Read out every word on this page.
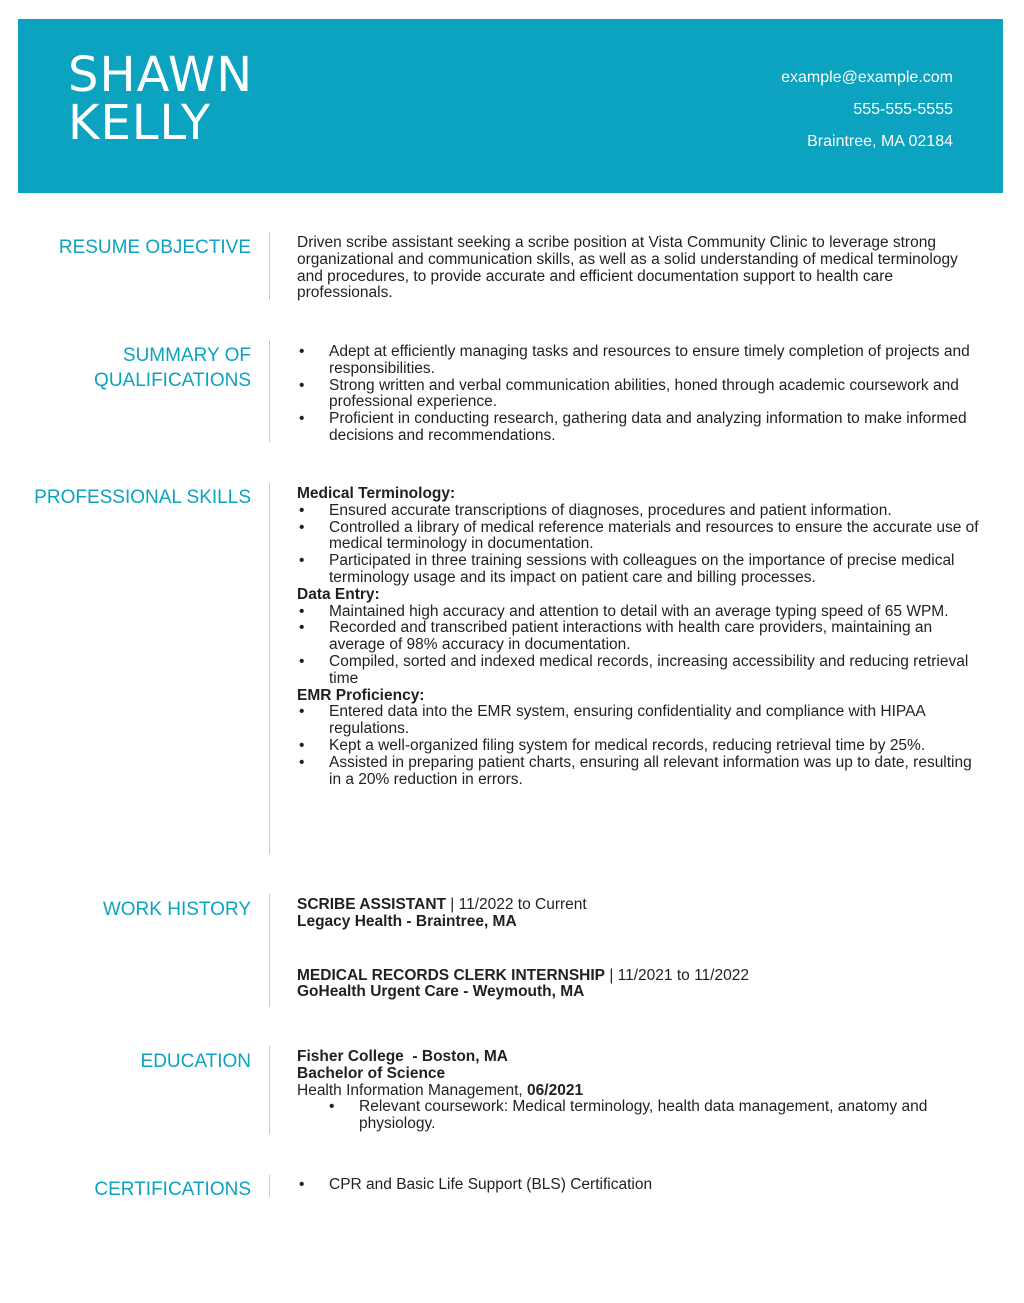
SHAWN
KELLY
example@example.com
555-555-5555
Braintree, MA 02184
RESUME OBJECTIVE	Driven scribe assistant seeking a scribe position at Vista Community Clinic to leverage strong organizational and communication skills, as well as a solid understanding of medical terminology and procedures, to provide accurate and efficient documentation support to health care professionals.

SUMMARY OF
QUALIFICATIONS
• Adept at efficiently managing tasks and resources to ensure timely completion of projects and responsibilities.
• Strong written and verbal communication abilities, honed through academic coursework and professional experience.
• Proficient in conducting research, gathering data and analyzing information to make informed decisions and recommendations.
PROFESSIONAL SKILLS	Medical Terminology:
• Ensured accurate transcriptions of diagnoses, procedures and patient information.
• Controlled a library of medical reference materials and resources to ensure the accurate use of medical terminology in documentation.
• Participated in three training sessions with colleagues on the importance of precise medical terminology usage and its impact on patient care and billing processes.
Data Entry:
• Maintained high accuracy and attention to detail with an average typing speed of 65 WPM.
• Recorded and transcribed patient interactions with health care providers, maintaining an average of 98% accuracy in documentation.
• Compiled, sorted and indexed medical records, increasing accessibility and reducing retrieval time
EMR Proficiency:
• Entered data into the EMR system, ensuring confidentiality and compliance with HIPAA regulations.
• Kept a well-organized filing system for medical records, reducing retrieval time by 25%.
• Assisted in preparing patient charts, ensuring all relevant information was up to date, resulting in a 20% reduction in errors.
WORK HISTORY	SCRIBE ASSISTANT | 11/2022 to Current
Legacy Health - Braintree, MA
MEDICAL RECORDS CLERK INTERNSHIP | 11/2021 to 11/2022
GoHealth Urgent Care - Weymouth, MA
EDUCATION	Fisher College  - Boston, MA
Bachelor of Science
Health Information Management, 06/2021
• Relevant coursework: Medical terminology, health data management, anatomy and physiology.
CERTIFICATIONS
•	CPR and Basic Life Support (BLS) Certification
